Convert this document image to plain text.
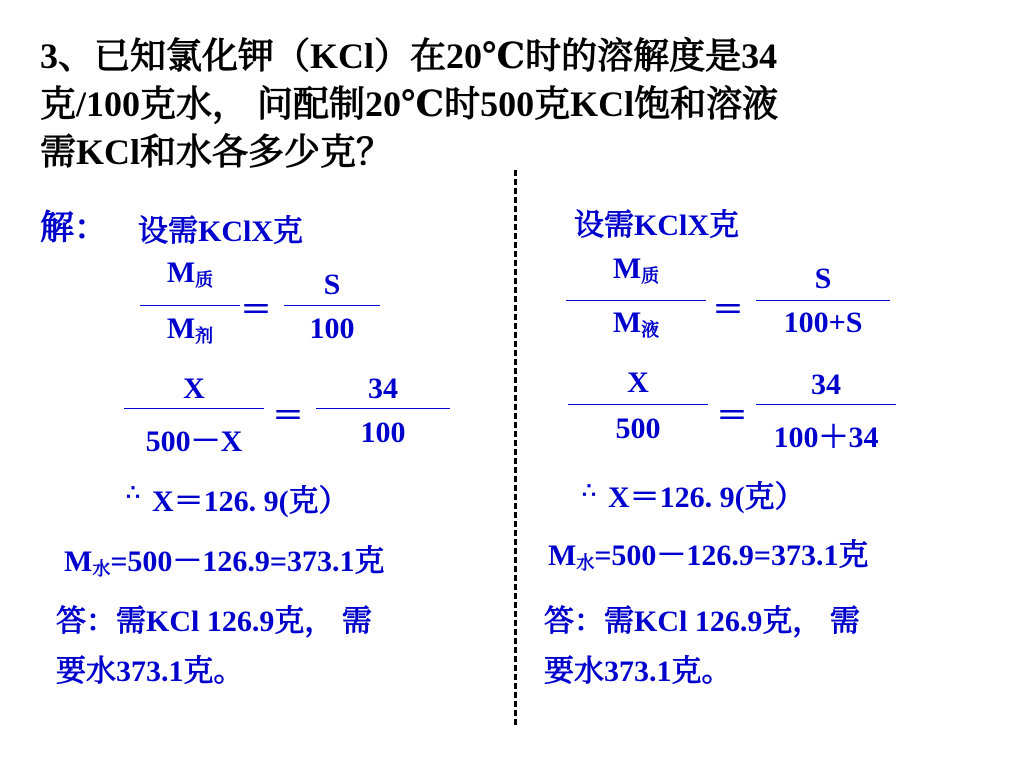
3、已知氯化钾（KCl）在20℃时的溶解度是34
克/100克水， 问配制20℃时500克KCl饱和溶液
需KCl和水各多少克？
解： 设需KClX克
$M_质$
$M_剂$
＝
S
100
X
500－X
＝
34
100
∴ X＝126. 9(克）
$M_水=500-126.9=373.1$克
答：需KCl 126.9克， 需
要水373.1克。
设需KClX克
$M_质$
$M_液$
＝
S
100+S
X
500	＝
34
100＋34
∴ X＝126. 9(克）
$M_水=500-126.9=373.1$克
答：需KCl 126.9克， 需
要水373.1克。
